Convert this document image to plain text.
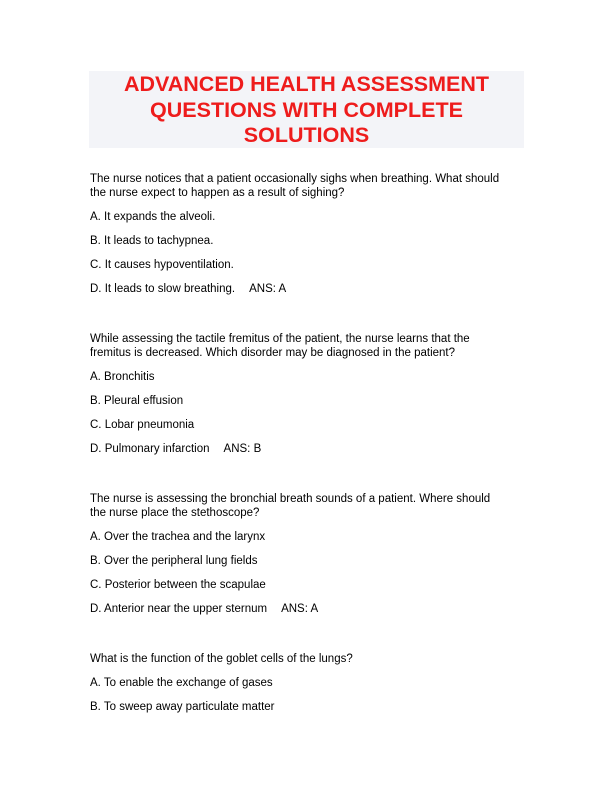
ADVANCED HEALTH ASSESSMENT
QUESTIONS WITH COMPLETE
SOLUTIONS

The nurse notices that a patient occasionally sighs when breathing. What should
the nurse expect to happen as a result of sighing?

A. It expands the alveoli.

B. It leads to tachypnea.

C. It causes hypoventilation.

D. It leads to slow breathing. ANS: A

While assessing the tactile fremitus of the patient, the nurse learns that the
fremitus is decreased. Which disorder may be diagnosed in the patient?

A. Bronchitis

B. Pleural effusion

C. Lobar pneumonia

D. Pulmonary infarction ANS: B

The nurse is assessing the bronchial breath sounds of a patient. Where should
the nurse place the stethoscope?

A. Over the trachea and the larynx

B. Over the peripheral lung fields

C. Posterior between the scapulae

D. Anterior near the upper sternum ANS: A

What is the function of the goblet cells of the lungs?

A. To enable the exchange of gases

B. To sweep away particulate matter
